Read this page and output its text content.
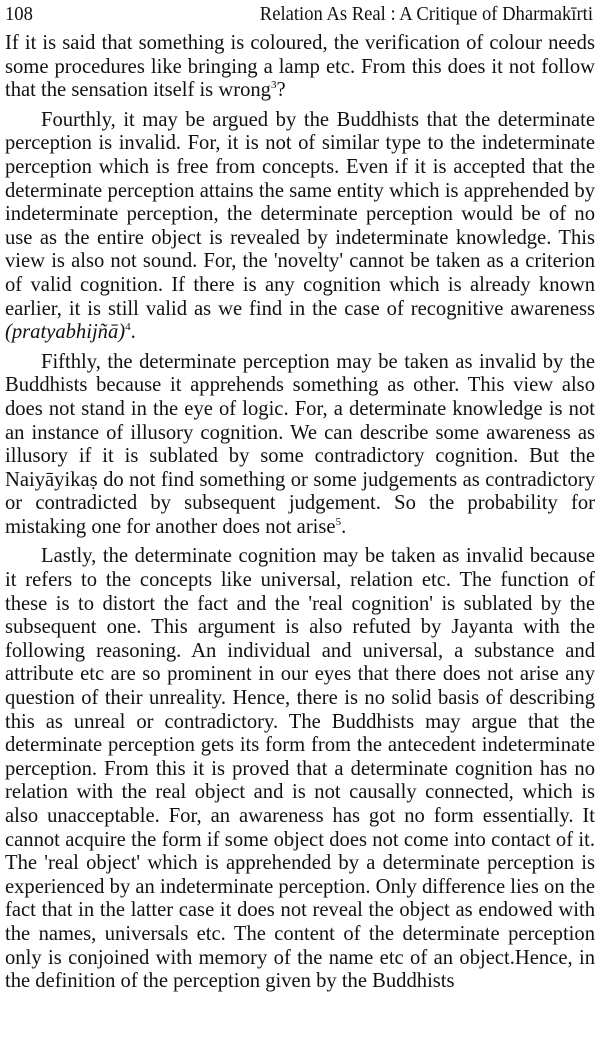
108	Relation As Real : A Critique of Dharmakīrti

If it is said that something is coloured, the verification of colour needs some procedures like bringing a lamp etc. From this does it not follow that the sensation itself is wrong$^3$?

Fourthly, it may be argued by the Buddhists that the determinate perception is invalid. For, it is not of similar type to the indeterminate perception which is free from concepts. Even if it is accepted that the determinate perception attains the same entity which is apprehended by indeterminate perception, the determinate perception would be of no use as the entire object is revealed by indeterminate knowledge. This view is also not sound. For, the 'novelty' cannot be taken as a criterion of valid cognition. If there is any cognition which is already known earlier, it is still valid as we find in the case of recognitive awareness (pratyabhijñā)$^4$.

Fifthly, the determinate perception may be taken as invalid by the Buddhists because it apprehends something as other. This view also does not stand in the eye of logic. For, a determinate knowledge is not an instance of illusory cognition. We can describe some awareness as illusory if it is sublated by some contradictory cognition. But the Naiyāyikaṣ do not find something or some judgements as contradictory or contradicted by subsequent judgement. So the probability for mistaking one for another does not arise$^5$.

Lastly, the determinate cognition may be taken as invalid because it refers to the concepts like universal, relation etc. The function of these is to distort the fact and the 'real cognition' is sublated by the subsequent one. This argument is also refuted by Jayanta with the following reasoning. An individual and universal, a substance and attribute etc are so prominent in our eyes that there does not arise any question of their unreality. Hence, there is no solid basis of describing this as unreal or contradictory. The Buddhists may argue that the determinate perception gets its form from the antecedent indeterminate perception. From this it is proved that a determinate cognition has no relation with the real object and is not causally connected, which is also unacceptable. For, an awareness has got no form essentially. It cannot acquire the form if some object does not come into contact of it. The 'real object' which is apprehended by a determinate perception is experienced by an indeterminate perception. Only difference lies on the fact that in the latter case it does not reveal the object as endowed with the names, universals etc. The content of the determinate perception only is conjoined with memory of the name etc of an object.Hence, in the definition of the perception given by the Buddhists
